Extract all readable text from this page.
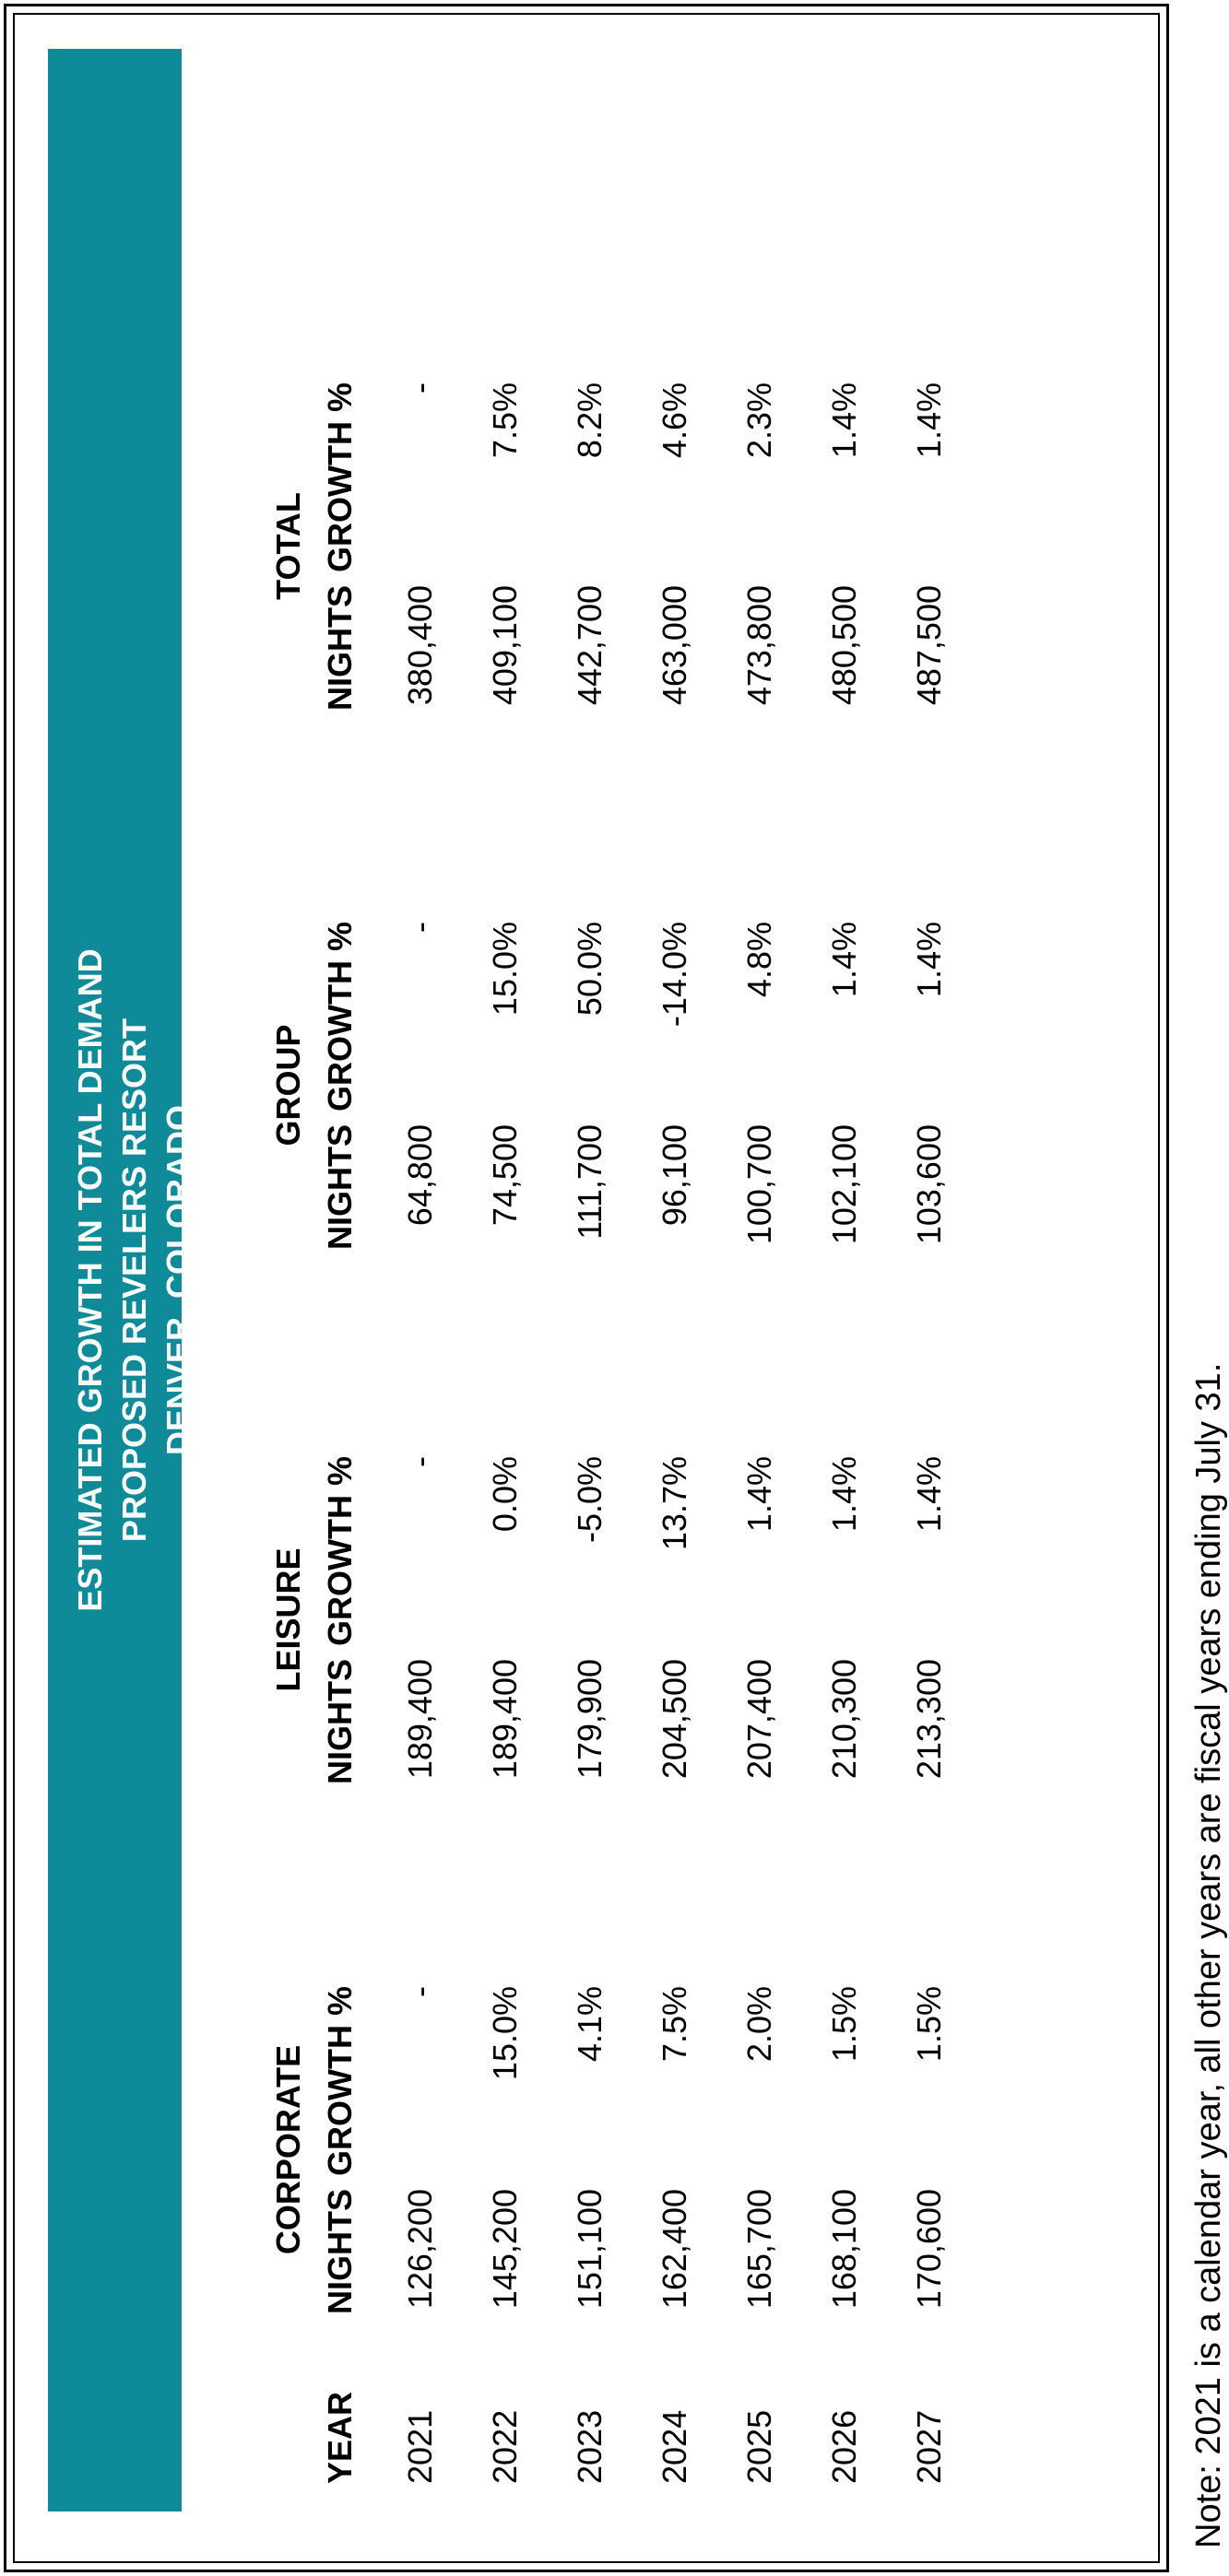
ESTIMATED GROWTH IN TOTAL DEMAND PROPOSED REVELERS RESORT DENVER, COLORADO
CORPORATE
LEISURE
GROUP
TOTAL
YEAR
NIGHTS
GROWTH %
NIGHTS
GROWTH %
NIGHTS
GROWTH %
NIGHTS
GROWTH %
2021
126,200
-
189,400
-
64,800
-
380,400
-
2022
145,200
15.0%
189,400
0.0%
74,500
15.0%
409,100
7.5%
2023
151,100
4.1%
179,900
-5.0%
111,700
50.0%
442,700
8.2%
2024
162,400
7.5%
204,500
13.7%
96,100
-14.0%
463,000
4.6%
2025
165,700
2.0%
207,400
1.4%
100,700
4.8%
473,800
2.3%
2026
168,100
1.5%
210,300
1.4%
102,100
1.4%
480,500
1.4%
2027
170,600
1.5%
213,300
1.4%
103,600
1.4%
487,500
1.4%
Note: 2021 is a calendar year, all other years are fiscal years ending July 31.
